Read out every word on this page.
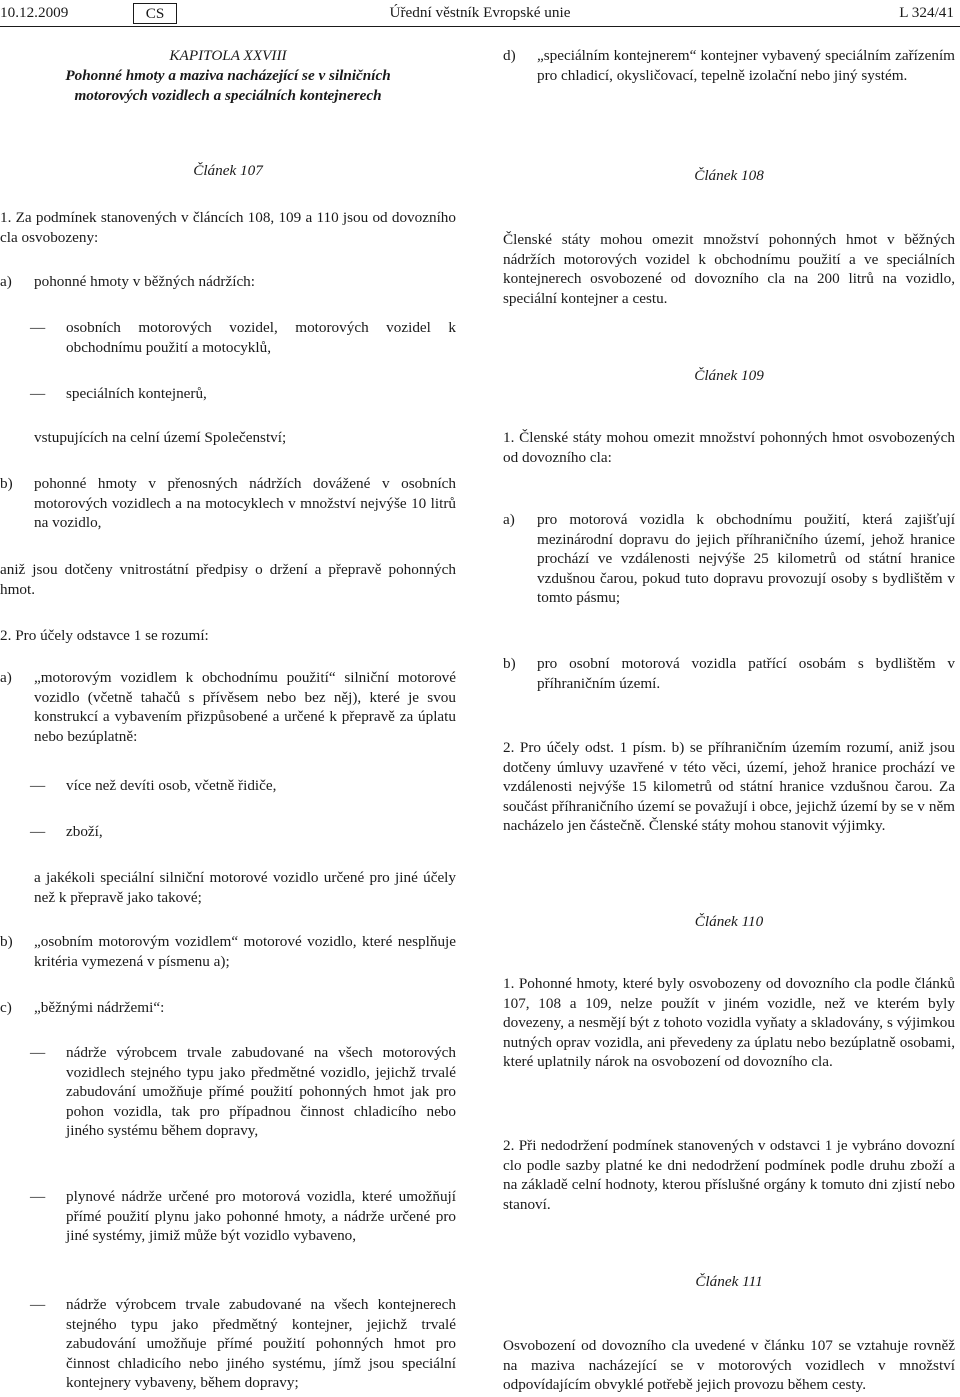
10.12.2009	Úřední věstník Evropské unie
CS	L 324/41
KAPITOLA XXVIII
Pohonné hmoty a maziva nacházející se v silničních
motorových vozidlech a speciálních kontejnerech
Článek 107
1. Za podmínek stanovených v článcích 108, 109 a 110 jsou od dovozního cla osvobozeny:
a) pohonné hmoty v běžných nádržích:
— osobních motorových vozidel, motorových vozidel k obchodnímu použití a motocyklů,
— speciálních kontejnerů,
vstupujících na celní území Společenství;
b) pohonné hmoty v přenosných nádržích dovážené v osobních motorových vozidlech a na motocyklech v množství nejvýše 10 litrů na vozidlo,
aniž jsou dotčeny vnitrostátní předpisy o držení a přepravě pohonných hmot.
2. Pro účely odstavce 1 se rozumí:
a) „motorovým vozidlem k obchodnímu použití“ silniční motorové vozidlo (včetně tahačů s přívěsem nebo bez něj), které je svou konstrukcí a vybavením přizpůsobené a určené k přepravě za úplatu nebo bezúplatně:
— více než devíti osob, včetně řidiče,
— zboží,
a jakékoli speciální silniční motorové vozidlo určené pro jiné účely než k přepravě jako takové;
b) „osobním motorovým vozidlem“ motorové vozidlo, které nesplňuje kritéria vymezená v písmenu a);
c) „běžnými nádržemi“:
— nádrže výrobcem trvale zabudované na všech motorových vozidlech stejného typu jako předmětné vozidlo, jejichž trvalé zabudování umožňuje přímé použití pohonných hmot jak pro pohon vozidla, tak pro případnou činnost chladicího nebo jiného systému během dopravy,
— plynové nádrže určené pro motorová vozidla, které umožňují přímé použití plynu jako pohonné hmoty, a nádrže určené pro jiné systémy, jimiž může být vozidlo vybaveno,
— nádrže výrobcem trvale zabudované na všech kontejnerech stejného typu jako předmětný kontejner, jejichž trvalé zabudování umožňuje přímé použití pohonných hmot pro činnost chladicího nebo jiného systému, jímž jsou speciální kontejnery vybaveny, během dopravy;
d) „speciálním kontejnerem“ kontejner vybavený speciálním zařízením pro chladicí, okysličovací, tepelně izolační nebo jiný systém.
Článek 108
Členské státy mohou omezit množství pohonných hmot v běžných nádržích motorových vozidel k obchodnímu použití a ve speciálních kontejnerech osvobozené od dovozního cla na 200 litrů na vozidlo, speciální kontejner a cestu.
Článek 109
1. Členské státy mohou omezit množství pohonných hmot osvobozených od dovozního cla:
a) pro motorová vozidla k obchodnímu použití, která zajišťují mezinárodní dopravu do jejich příhraničního území, jehož hranice prochází ve vzdálenosti nejvýše 25 kilometrů od státní hranice vzdušnou čarou, pokud tuto dopravu provozují osoby s bydlištěm v tomto pásmu;
b) pro osobní motorová vozidla patřící osobám s bydlištěm v příhraničním území.
2. Pro účely odst. 1 písm. b) se příhraničním územím rozumí, aniž jsou dotčeny úmluvy uzavřené v této věci, území, jehož hranice prochází ve vzdálenosti nejvýše 15 kilometrů od státní hranice vzdušnou čarou. Za součást příhraničního území se považují i obce, jejichž území by se v něm nacházelo jen částečně. Členské státy mohou stanovit výjimky.
Článek 110
1. Pohonné hmoty, které byly osvobozeny od dovozního cla podle článků 107, 108 a 109, nelze použít v jiném vozidle, než ve kterém byly dovezeny, a nesmějí být z tohoto vozidla vyňaty a skladovány, s výjimkou nutných oprav vozidla, ani převedeny za úplatu nebo bezúplatně osobami, které uplatnily nárok na osvobození od dovozního cla.
2. Při nedodržení podmínek stanovených v odstavci 1 je vybráno dovozní clo podle sazby platné ke dni nedodržení podmínek podle druhu zboží a na základě celní hodnoty, kterou příslušné orgány k tomuto dni zjistí nebo stanoví.
Článek 111
Osvobození od dovozního cla uvedené v článku 107 se vztahuje rovněž na maziva nacházející se v motorových vozidlech v množství odpovídajícím obvyklé potřebě jejich provozu během cesty.
